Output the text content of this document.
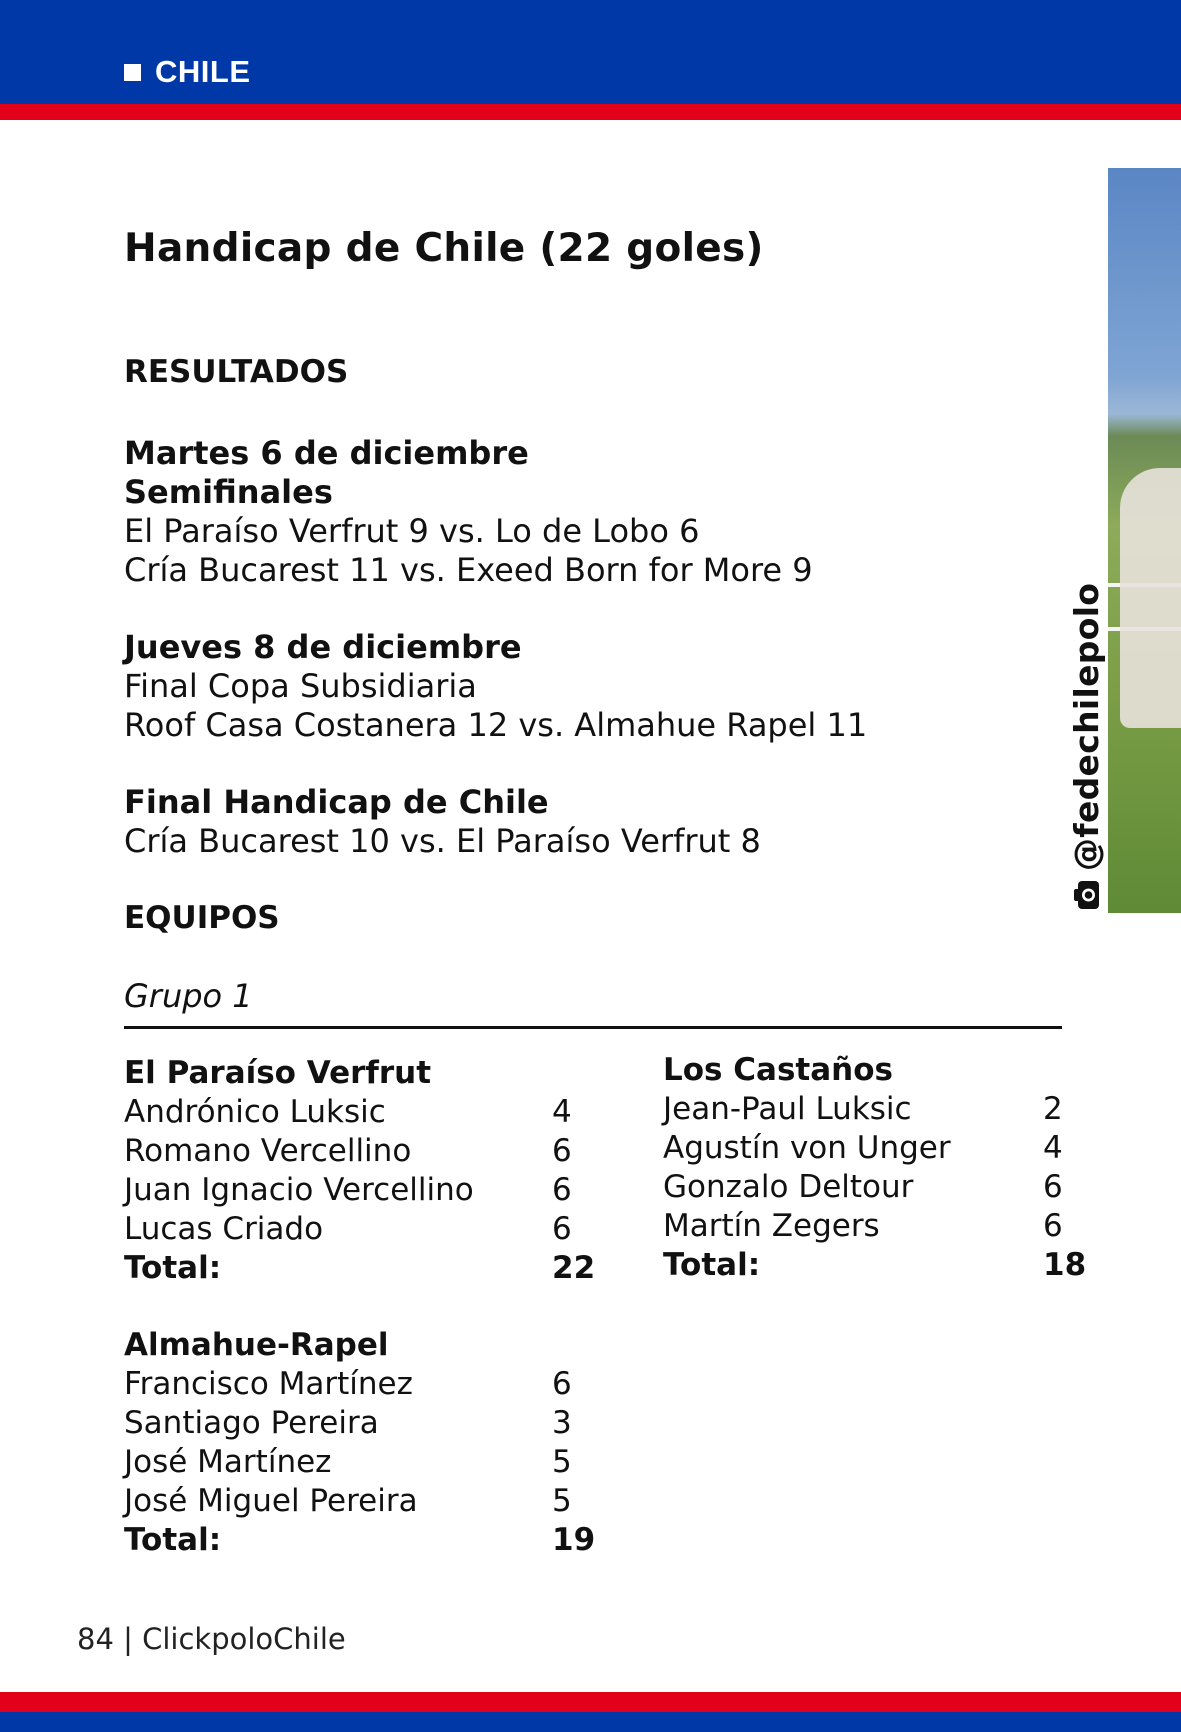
CHILE
Handicap de Chile (22 goles)
RESULTADOS
Martes 6 de diciembre
Semifinales
El Paraíso Verfrut 9 vs. Lo de Lobo 6
Cría Bucarest 11 vs. Exeed Born for More 9
Jueves 8 de diciembre
Final Copa Subsidiaria
Roof Casa Costanera 12 vs. Almahue Rapel 11
Final Handicap de Chile
Cría Bucarest 10 vs. El Paraíso Verfrut 8
EQUIPOS
Grupo 1
El Paraíso Verfrut
Andrónico Luksic	4
Romano Vercellino	6
Juan Ignacio Vercellino	6
Lucas Criado	6
Total:	22
Los Castaños
Jean-Paul Luksic	2
Agustín von Unger	4
Gonzalo Deltour	6
Martín Zegers	6
Total:	18
Almahue-Rapel
Francisco Martínez	6
Santiago Pereira	3
José Martínez	5
José Miguel Pereira	5
Total:	19
@fedechilepolo
84 | ClickpoloChile
